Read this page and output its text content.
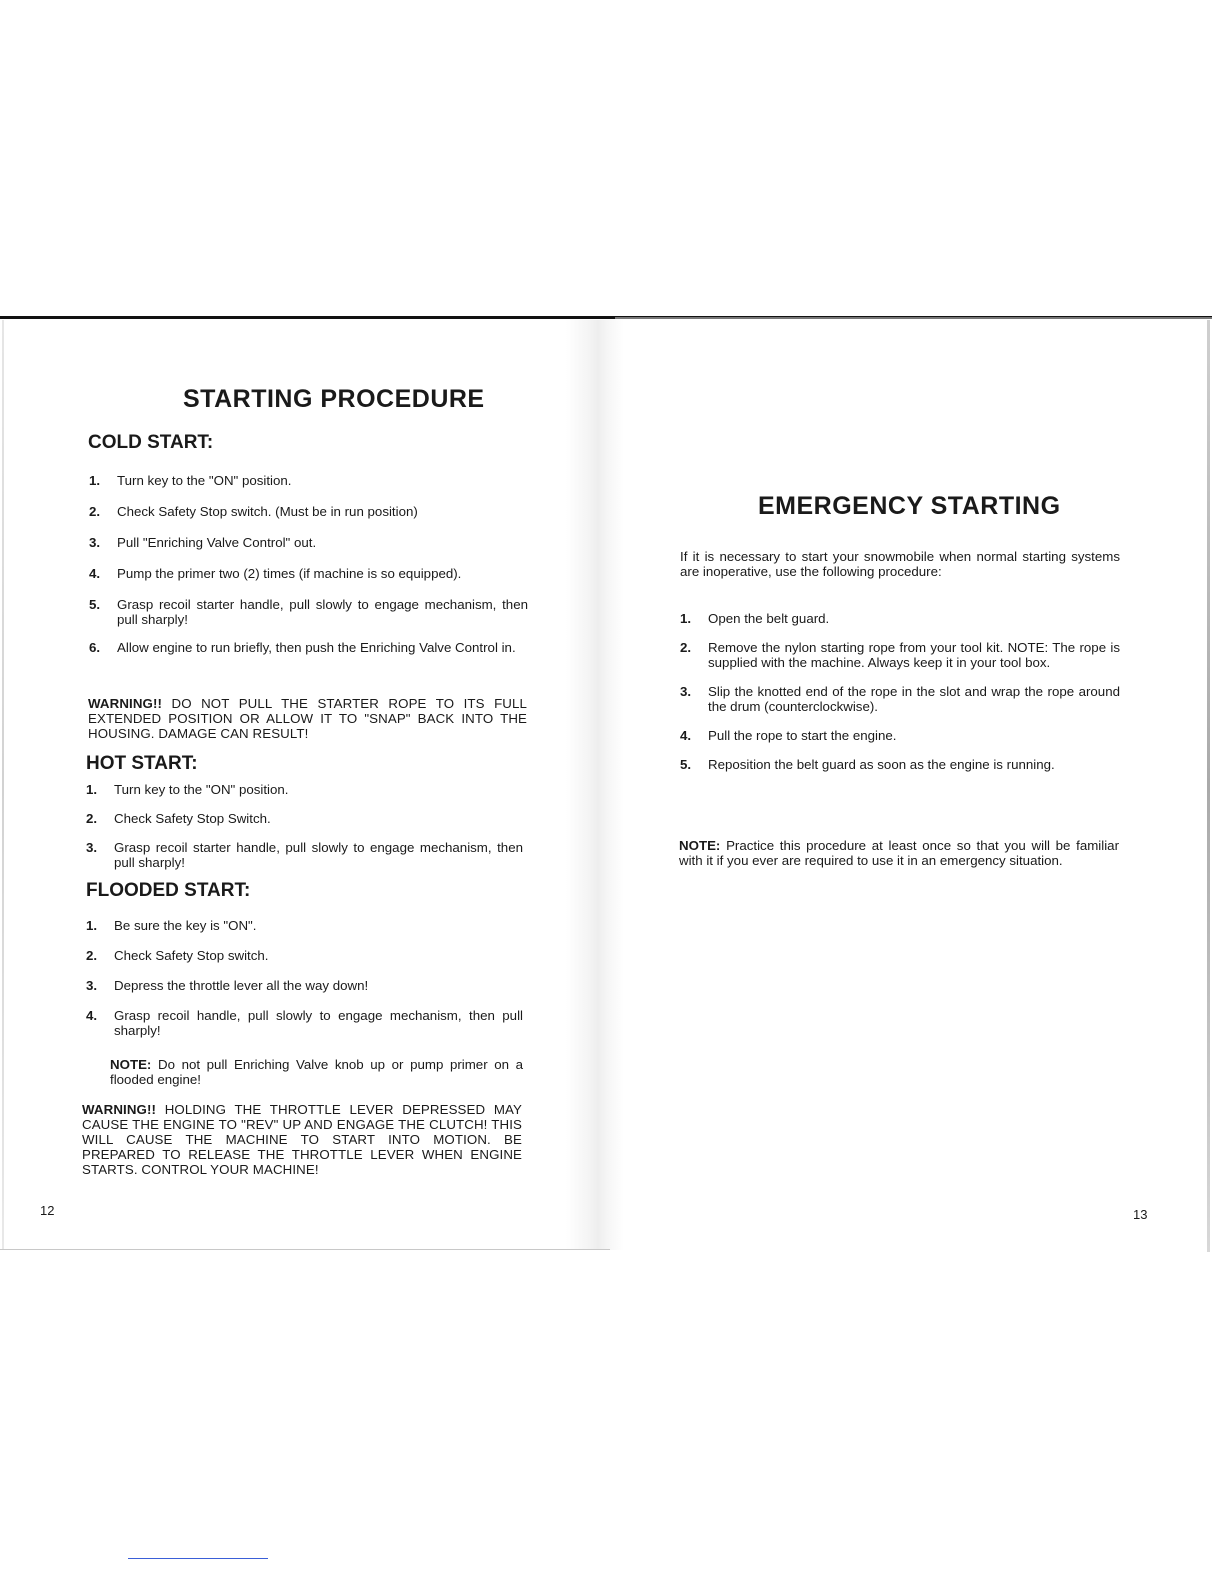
STARTING PROCEDURE
COLD START:
1. Turn key to the "ON" position.
2. Check Safety Stop switch. (Must be in run position)
3. Pull "Enriching Valve Control" out.
4. Pump the primer two (2) times (if machine is so equipped).
5. Grasp recoil starter handle, pull slowly to engage mechanism, then pull sharply!
6. Allow engine to run briefly, then push the Enriching Valve Control in.

WARNING!! DO NOT PULL THE STARTER ROPE TO ITS FULL EXTENDED POSITION OR ALLOW IT TO "SNAP" BACK INTO THE HOUSING. DAMAGE CAN RESULT!

HOT START:
1. Turn key to the "ON" position.
2. Check Safety Stop Switch.
3. Grasp recoil starter handle, pull slowly to engage mechanism, then pull sharply!
FLOODED START:
1. Be sure the key is "ON".
2. Check Safety Stop switch.
3. Depress the throttle lever all the way down!
4. Grasp recoil handle, pull slowly to engage mechanism, then pull sharply!

NOTE: Do not pull Enriching Valve knob up or pump primer on a flooded engine!

WARNING!! HOLDING THE THROTTLE LEVER DEPRESSED MAY CAUSE THE ENGINE TO "REV" UP AND ENGAGE THE CLUTCH! THIS WILL CAUSE THE MACHINE TO START INTO MOTION. BE PREPARED TO RELEASE THE THROTTLE LEVER WHEN ENGINE STARTS. CONTROL YOUR MACHINE!

12
EMERGENCY STARTING

If it is necessary to start your snowmobile when normal starting systems are inoperative, use the following procedure:

1. Open the belt guard.
2. Remove the nylon starting rope from your tool kit. NOTE: The rope is supplied with the machine. Always keep it in your tool box.
3. Slip the knotted end of the rope in the slot and wrap the rope around the drum (counterclockwise).
4. Pull the rope to start the engine.
5. Reposition the belt guard as soon as the engine is running.

NOTE: Practice this procedure at least once so that you will be familiar with it if you ever are required to use it in an emergency situation.

13
